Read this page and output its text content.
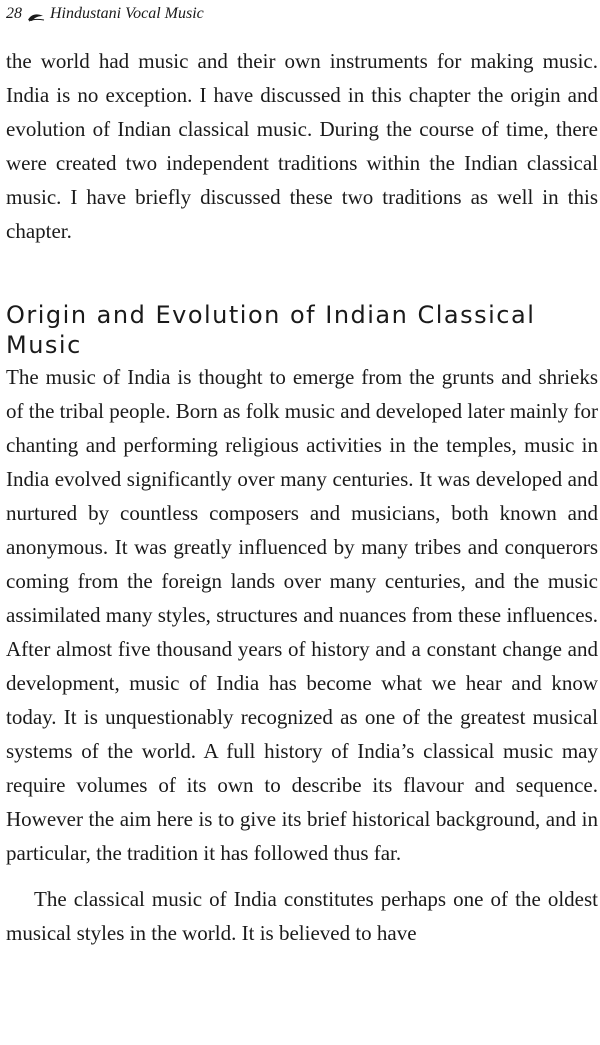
28 Hindustani Vocal Music

the world had music and their own instruments for making music. India is no exception. I have discussed in this chapter the origin and evolution of Indian classical music. During the course of time, there were created two independent traditions within the Indian classical music. I have briefly discussed these two traditions as well in this chapter.

Origin and Evolution of Indian Classical Music

The music of India is thought to emerge from the grunts and shrieks of the tribal people. Born as folk music and developed later mainly for chanting and performing religious activities in the temples, music in India evolved significantly over many centuries. It was developed and nurtured by countless composers and musicians, both known and anonymous. It was greatly influenced by many tribes and conquerors coming from the foreign lands over many centuries, and the music assimilated many styles, structures and nuances from these influences. After almost five thousand years of history and a constant change and development, music of India has become what we hear and know today. It is unquestionably recognized as one of the greatest musical systems of the world. A full history of India’s classical music may require volumes of its own to describe its flavour and sequence. However the aim here is to give its brief historical background, and in particular, the tradition it has followed thus far.

The classical music of India constitutes perhaps one of the oldest musical styles in the world. It is believed to have
